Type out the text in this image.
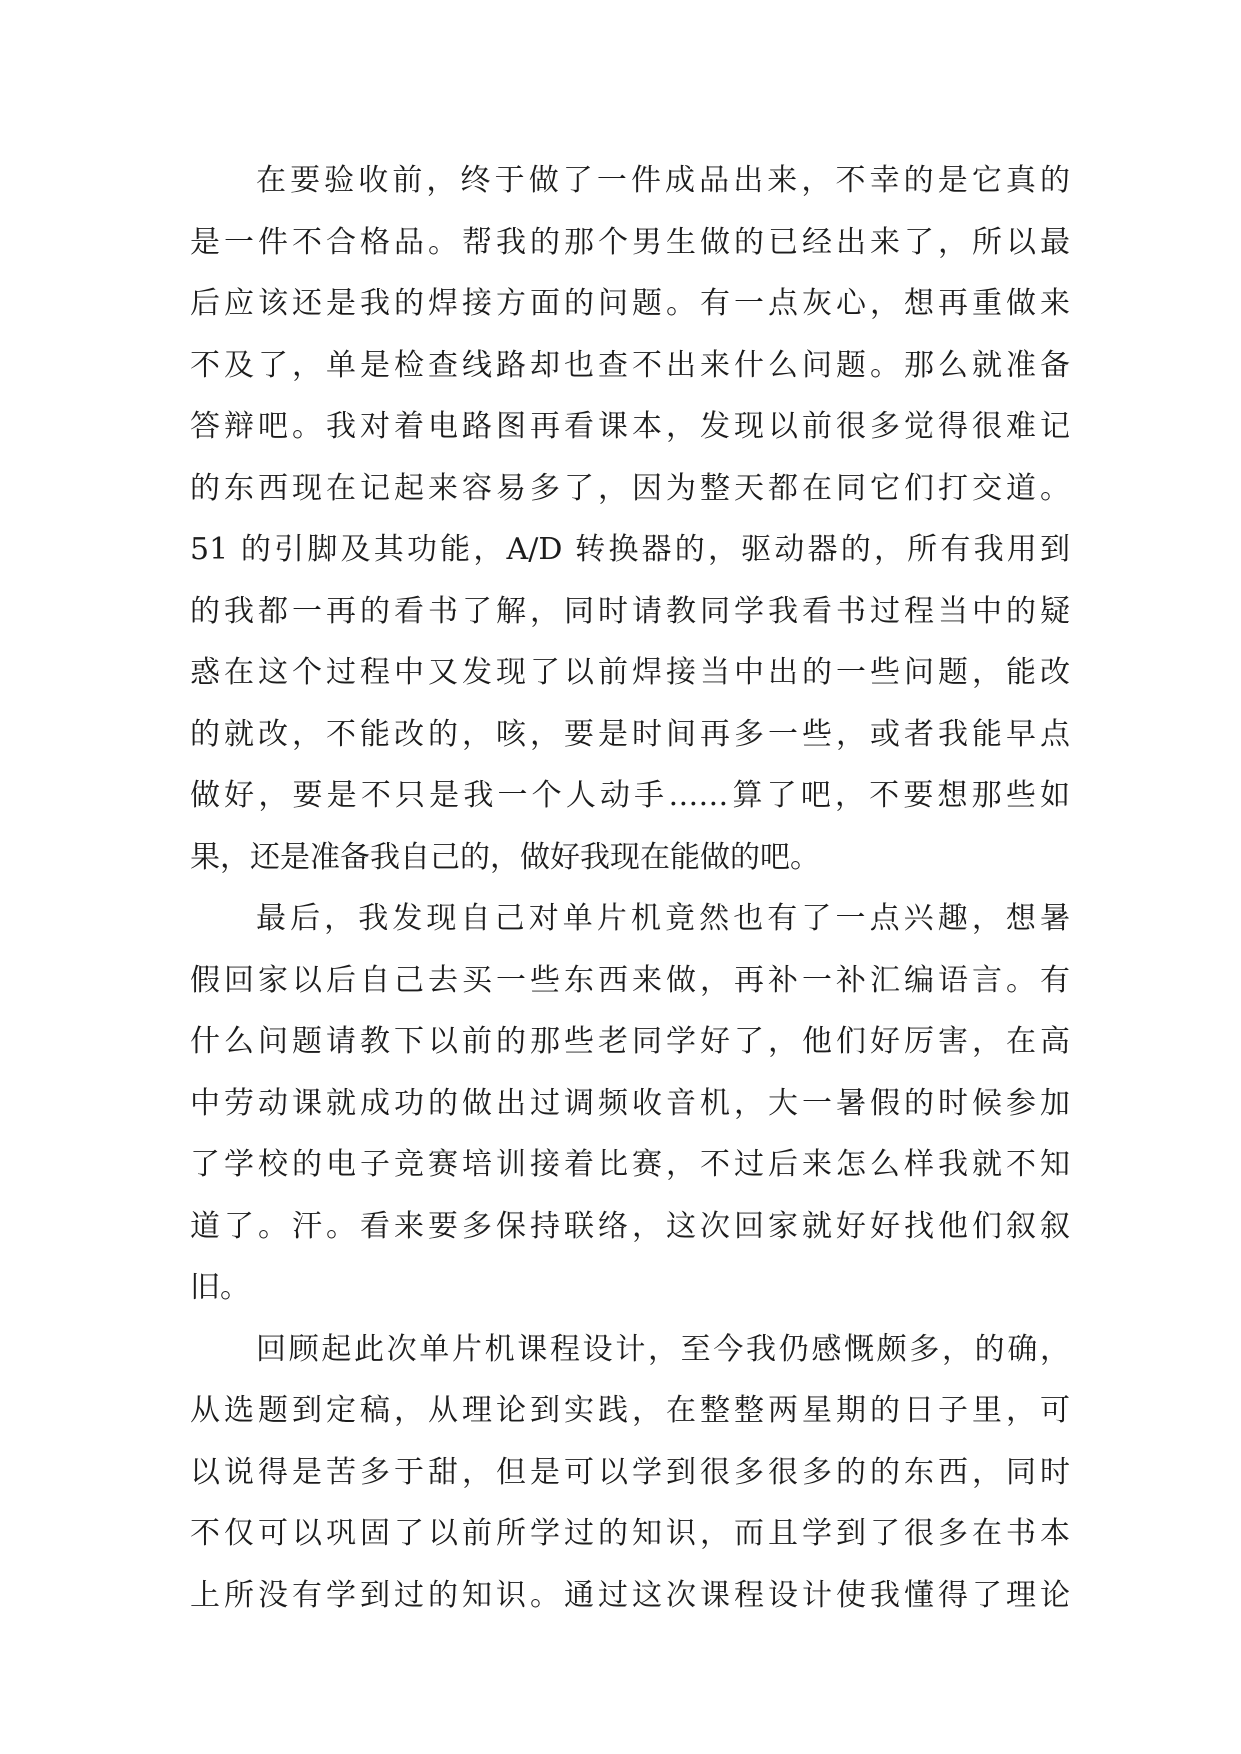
在要验收前，终于做了一件成品出来，不幸的是它真的
是一件不合格品。帮我的那个男生做的已经出来了，所以最
后应该还是我的焊接方面的问题。有一点灰心，想再重做来
不及了，单是检查线路却也查不出来什么问题。那么就准备
答辩吧。我对着电路图再看课本，发现以前很多觉得很难记
的东西现在记起来容易多了，因为整天都在同它们打交道。
51 的引脚及其功能，A/D 转换器的，驱动器的，所有我用到
的我都一再的看书了解，同时请教同学我看书过程当中的疑
惑在这个过程中又发现了以前焊接当中出的一些问题，能改
的就改，不能改的，咳，要是时间再多一些，或者我能早点
做好，要是不只是我一个人动手……算了吧，不要想那些如
果，还是准备我自己的，做好我现在能做的吧。
最后，我发现自己对单片机竟然也有了一点兴趣，想暑
假回家以后自己去买一些东西来做，再补一补汇编语言。有
什么问题请教下以前的那些老同学好了，他们好厉害，在高
中劳动课就成功的做出过调频收音机，大一暑假的时候参加
了学校的电子竞赛培训接着比赛，不过后来怎么样我就不知
道了。汗。看来要多保持联络，这次回家就好好找他们叙叙
旧。
回顾起此次单片机课程设计，至今我仍感慨颇多，的确，
从选题到定稿，从理论到实践，在整整两星期的日子里，可
以说得是苦多于甜，但是可以学到很多很多的的东西，同时
不仅可以巩固了以前所学过的知识，而且学到了很多在书本
上所没有学到过的知识。通过这次课程设计使我懂得了理论
